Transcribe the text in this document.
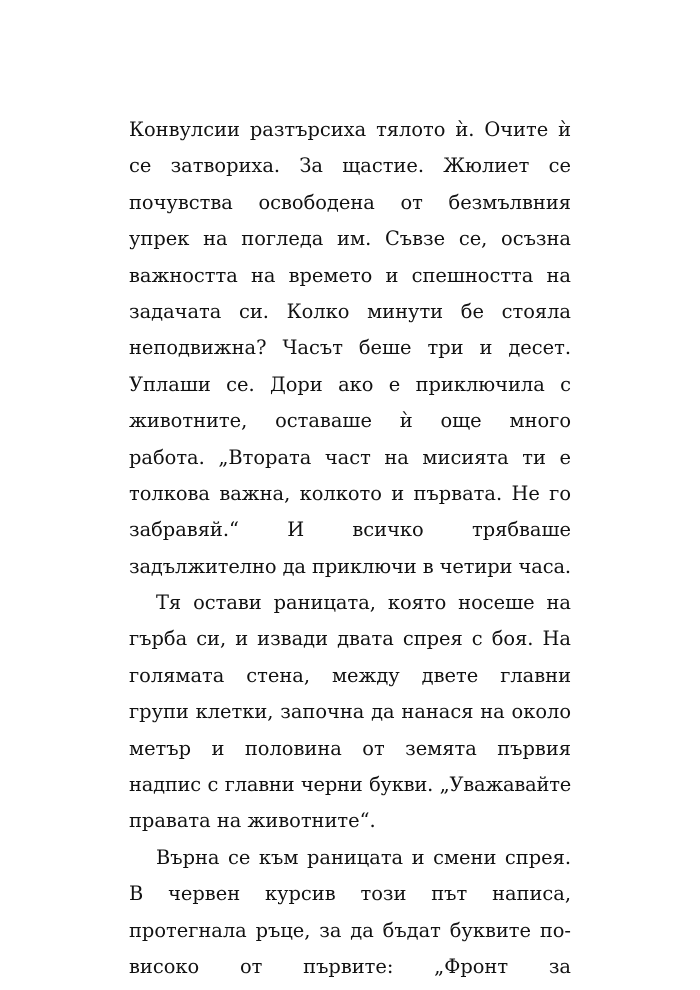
Конвулсии разтърсиха тялото ѝ. Очите ѝ
се затвориха. За щастие. Жюлиет се
почувства освободена от безмълвния
упрек на погледа им. Съвзе се, осъзна
важността на времето и спешността на
задачата си. Колко минути бе стояла
неподвижна? Часът беше три и десет.
Уплаши се. Дори ако е приключила с
животните, оставаше ѝ още много
работа. „Втората част на мисията ти е
толкова важна, колкото и първата. Не го
забравяй.“ И всичко трябваше
задължително да приключи в четири часа.
Тя остави раницата, която носеше на
гърба си, и извади двата спрея с боя. На
голямата стена, между двете главни
групи клетки, започна да нанася на около
метър и половина от земята първия
надпис с главни черни букви. „Уважавайте
правата на животните“.
Върна се към раницата и смени спрея.
В червен курсив този път написа,
протегнала ръце, за да бъдат буквите по-
високо от първите: „Фронт за
